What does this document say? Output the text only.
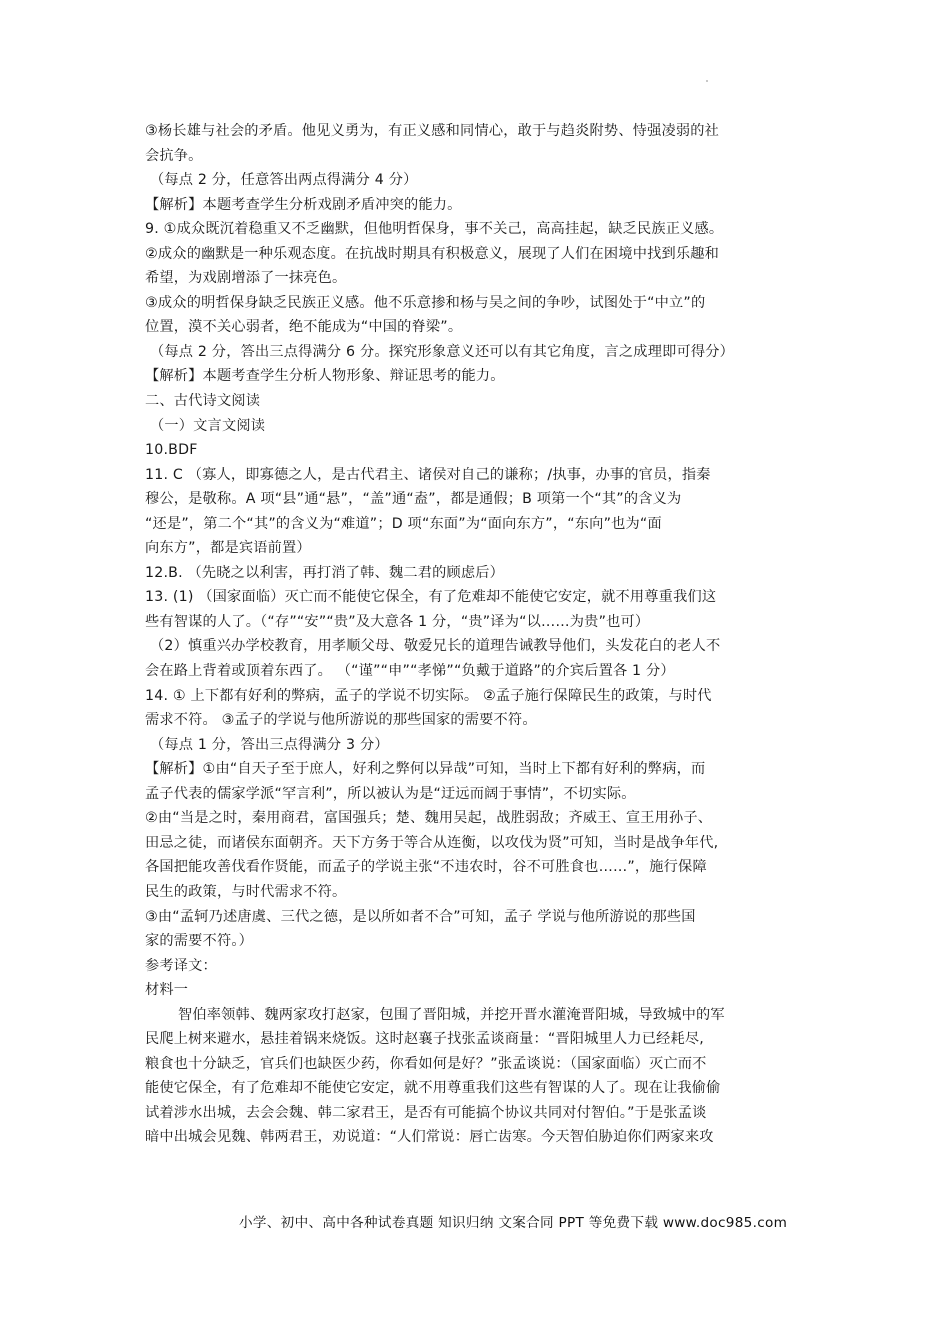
③杨长雄与社会的矛盾。他见义勇为，有正义感和同情心，敢于与趋炎附势、恃强凌弱的社
会抗争。
（每点 2 分，任意答出两点得满分 4 分）
【解析】本题考查学生分析戏剧矛盾冲突的能力。
9. ①成众既沉着稳重又不乏幽默，但他明哲保身，事不关己，高高挂起，缺乏民族正义感。
②成众的幽默是一种乐观态度。在抗战时期具有积极意义，展现了人们在困境中找到乐趣和
希望，为戏剧增添了一抹亮色。
③成众的明哲保身缺乏民族正义感。他不乐意掺和杨与吴之间的争吵，试图处于“中立”的
位置，漠不关心弱者，绝不能成为“中国的脊梁”。
（每点 2 分，答出三点得满分 6 分。探究形象意义还可以有其它角度，言之成理即可得分）
【解析】本题考查学生分析人物形象、辩证思考的能力。
二、古代诗文阅读
（一）文言文阅读
10.BDF
11. C （寡人，即寡德之人，是古代君主、诸侯对自己的谦称；/执事，办事的官员，指秦
穆公，是敬称。A 项“县”通“悬”，“盖”通“盍”，都是通假；B 项第一个“其”的含义为
“还是”，第二个“其”的含义为“难道”；D 项“东面”为“面向东方”，“东向”也为“面
向东方”，都是宾语前置）
12.B. （先晓之以利害，再打消了韩、魏二君的顾虑后）
13. (1) （国家面临）灭亡而不能使它保全，有了危难却不能使它安定，就不用尊重我们这
些有智谋的人了。（“存”“安”“贵”及大意各 1 分，“贵”译为“以……为贵”也可）
（2）慎重兴办学校教育，用孝顺父母、敬爱兄长的道理告诫教导他们，头发花白的老人不
会在路上背着或顶着东西了。 （“谨”“申”“孝悌”“负戴于道路”的介宾后置各 1 分）
14. ① 上下都有好利的弊病，孟子的学说不切实际。 ②孟子施行保障民生的政策，与时代
需求不符。 ③孟子的学说与他所游说的那些国家的需要不符。
（每点 1 分，答出三点得满分 3 分）
【解析】①由“自天子至于庶人，好利之弊何以异哉”可知，当时上下都有好利的弊病，而
孟子代表的儒家学派“罕言利”，所以被认为是“迂远而阔于事情”，不切实际。
②由“当是之时，秦用商君，富国强兵；楚、魏用吴起，战胜弱敌；齐威王、宣王用孙子、
田忌之徒，而诸侯东面朝齐。天下方务于等合从连衡，以攻伐为贤”可知，当时是战争年代,
各国把能攻善伐看作贤能，而孟子的学说主张“不违农时，谷不可胜食也……”，施行保障
民生的政策，与时代需求不符。
③由“孟轲乃述唐虞、三代之德，是以所如者不合”可知，孟子 学说与他所游说的那些国
家的需要不符。）
参考译文：
材料一
智伯率领韩、魏两家攻打赵家，包围了晋阳城，并挖开晋水灌淹晋阳城，导致城中的军
民爬上树来避水，悬挂着锅来烧饭。这时赵襄子找张孟谈商量：“晋阳城里人力已经耗尽,
粮食也十分缺乏，官兵们也缺医少药，你看如何是好？”张孟谈说：（国家面临）灭亡而不
能使它保全，有了危难却不能使它安定，就不用尊重我们这些有智谋的人了。现在让我偷偷
试着涉水出城，去会会魏、韩二家君王，是否有可能搞个协议共同对付智伯。”于是张孟谈
暗中出城会见魏、韩两君王，劝说道：“人们常说：唇亡齿寒。今天智伯胁迫你们两家来攻
小学、初中、高中各种试卷真题 知识归纳 文案合同 PPT 等免费下载 www.doc985.com
